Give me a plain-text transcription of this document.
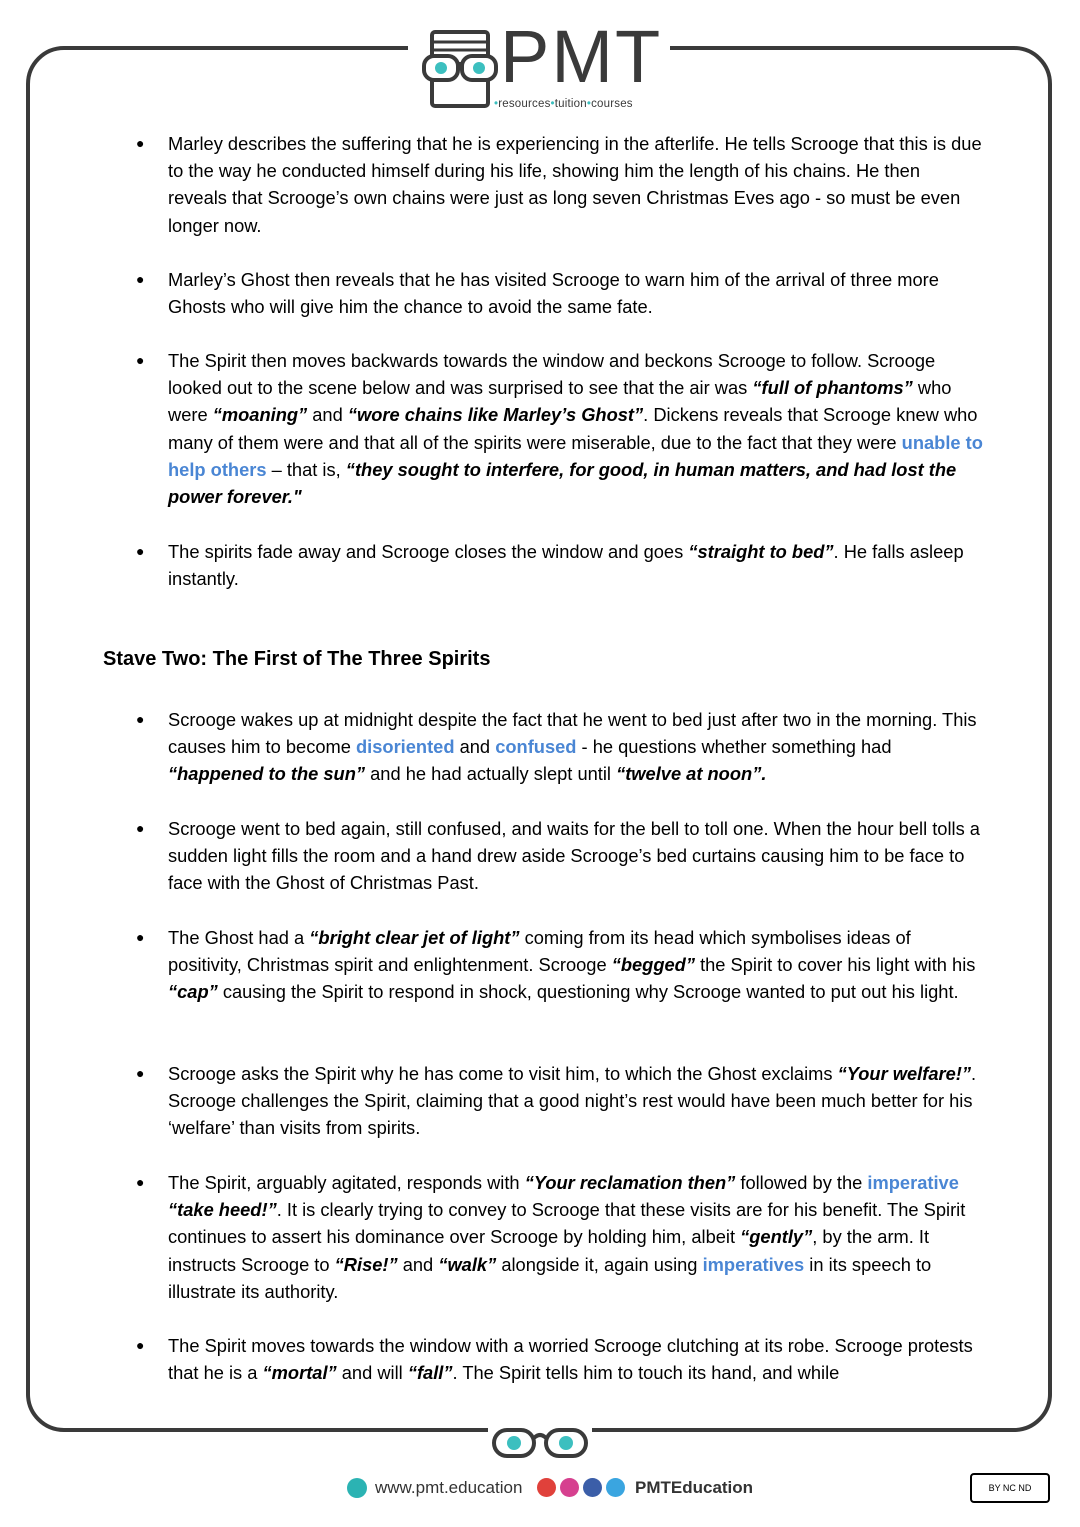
PMT
•resources•tuition•courses
● Marley describes the suffering that he is experiencing in the afterlife. He tells Scrooge that this is due to the way he conducted himself during his life, showing him the length of his chains. He then reveals that Scrooge’s own chains were just as long seven Christmas Eves ago - so must be even longer now.
● Marley’s Ghost then reveals that he has visited Scrooge to warn him of the arrival of three more Ghosts who will give him the chance to avoid the same fate.
● The Spirit then moves backwards towards the window and beckons Scrooge to follow. Scrooge looked out to the scene below and was surprised to see that the air was “full of phantoms” who were “moaning” and “wore chains like Marley’s Ghost”. Dickens reveals that Scrooge knew who many of them were and that all of the spirits were miserable, due to the fact that they were unable to help others – that is, “they sought to interfere, for good, in human matters, and had lost the power forever."
● The spirits fade away and Scrooge closes the window and goes “straight to bed”. He falls asleep instantly.
Stave Two: The First of The Three Spirits
● Scrooge wakes up at midnight despite the fact that he went to bed just after two in the morning. This causes him to become disoriented and confused - he questions whether something had “happened to the sun” and he had actually slept until “twelve at noon”.
● Scrooge went to bed again, still confused, and waits for the bell to toll one. When the hour bell tolls a sudden light fills the room and a hand drew aside Scrooge’s bed curtains causing him to be face to face with the Ghost of Christmas Past.
● The Ghost had a “bright clear jet of light” coming from its head which symbolises ideas of positivity, Christmas spirit and enlightenment. Scrooge “begged” the Spirit to cover his light with his “cap” causing the Spirit to respond in shock, questioning why Scrooge wanted to put out his light.
● Scrooge asks the Spirit why he has come to visit him, to which the Ghost exclaims “Your welfare!”. Scrooge challenges the Spirit, claiming that a good night’s rest would have been much better for his ‘welfare’ than visits from spirits.
● The Spirit, arguably agitated, responds with “Your reclamation then” followed by the imperative “take heed!”. It is clearly trying to convey to Scrooge that these visits are for his benefit. The Spirit continues to assert his dominance over Scrooge by holding him, albeit “gently”, by the arm. It instructs Scrooge to “Rise!” and “walk” alongside it, again using imperatives in its speech to illustrate its authority.
● The Spirit moves towards the window with a worried Scrooge clutching at its robe. Scrooge protests that he is a “mortal” and will “fall”. The Spirit tells him to touch its hand, and while
www.pmt.education	PMTEducation	BY NC ND
